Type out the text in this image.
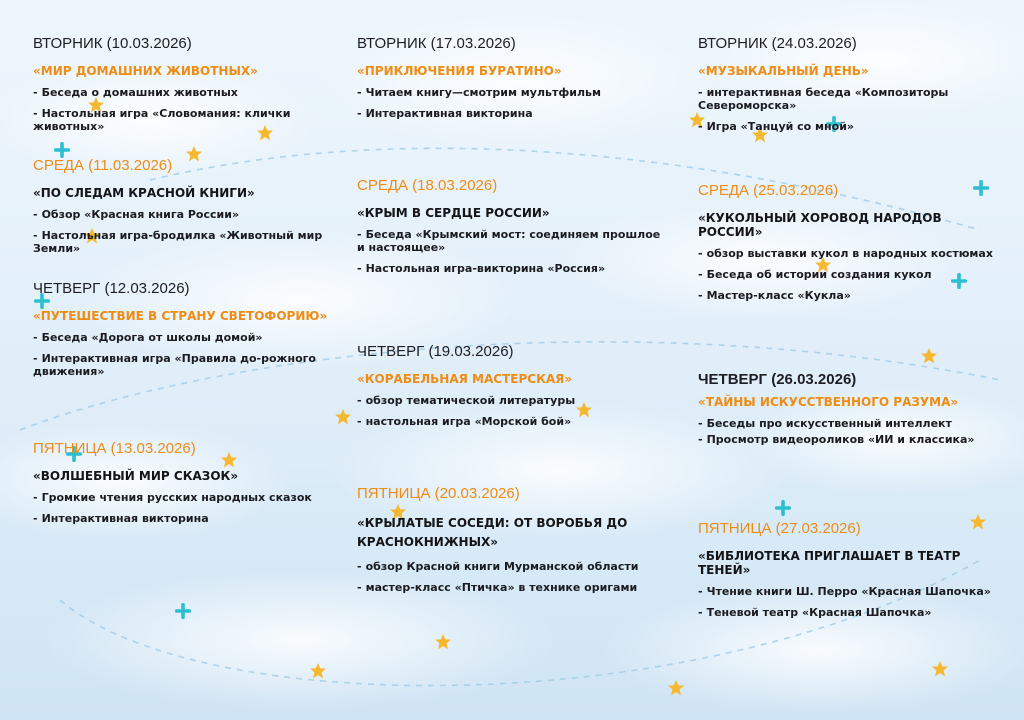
ВТОРНИК (10.03.2026)

«МИР ДОМАШНИХ ЖИВОТНЫХ»
- Беседа о домашних животных
- Настольная игра «Словомания: клички животных»

СРЕДА (11.03.2026)

«ПО СЛЕДАМ КРАСНОЙ КНИГИ»
- Обзор «Красная книга России»
- Настольная игра-бродилка «Животный мир Земли»

ЧЕТВЕРГ (12.03.2026)

«ПУТЕШЕСТВИЕ В СТРАНУ СВЕТОФОРИЮ»
- Беседа «Дорога от школы домой»
- Интерактивная игра «Правила до-рожного движения»

ПЯТНИЦА (13.03.2026)

«ВОЛШЕБНЫЙ МИР СКАЗОК»
- Громкие чтения русских народных сказок
- Интерактивная викторина

ВТОРНИК (17.03.2026)

«ПРИКЛЮЧЕНИЯ БУРАТИНО»
- Читаем книгу—смотрим мультфильм
- Интерактивная викторина

СРЕДА (18.03.2026)

«КРЫМ В СЕРДЦЕ РОССИИ»
- Беседа «Крымский мост: соединяем прошлое и настоящее»
- Настольная игра-викторина «Россия»

ЧЕТВЕРГ (19.03.2026)

«КОРАБЕЛЬНАЯ МАСТЕРСКАЯ»
- обзор тематической литературы
- настольная игра «Морской бой»

ПЯТНИЦА (20.03.2026)

«КРЫЛАТЫЕ СОСЕДИ: ОТ ВОРОБЬЯ ДО КРАСНОКНИЖНЫХ»
- обзор Красной книги Мурманской области
- мастер-класс «Птичка» в технике оригами

ВТОРНИК (24.03.2026)

«МУЗЫКАЛЬНЫЙ ДЕНЬ»
- интерактивная беседа «Композиторы Североморска»
- Игра «Танцуй со мной»

СРЕДА (25.03.2026)

«КУКОЛЬНЫЙ ХОРОВОД НАРОДОВ РОССИИ»
- обзор выставки кукол в народных костюмах
- Беседа об истории создания кукол
- Мастер-класс «Кукла»

ЧЕТВЕРГ (26.03.2026)

«ТАЙНЫ ИСКУССТВЕННОГО РАЗУМА»
- Беседы про искусственный интеллект
- Просмотр видеороликов «ИИ и классика»

ПЯТНИЦА (27.03.2026)

«БИБЛИОТЕКА ПРИГЛАШАЕТ В ТЕАТР ТЕНЕЙ»
- Чтение книги Ш. Перро «Красная Шапочка»
- Теневой театр «Красная Шапочка»
